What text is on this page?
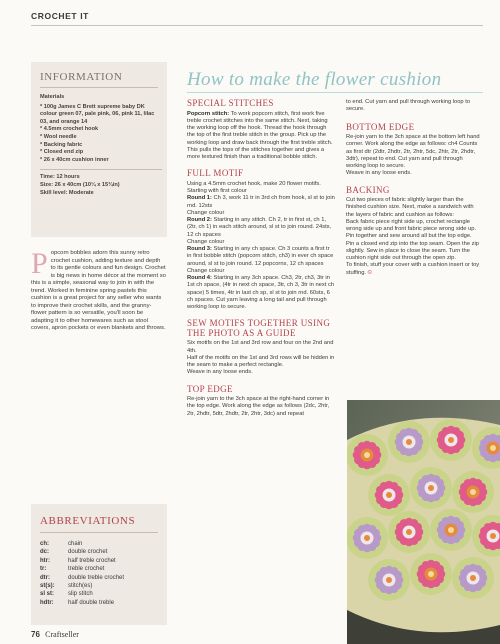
CROCHET IT
How to make the flower cushion

INFORMATION

Materials

* 100g James C Brett supreme baby DK colour green 07, pale pink, 06, pink 11, lilac 03, and orange 14

* 4.5mm crochet hook

* Wool needle

* Backing fabric

* Closed end zip

* 26 x 40cm cushion inner

Time: 12 hours

Size: 26 x 40cm (10¼ x 15¾in)

Skill level: Moderate

P opcorn bobbles adorn this sunny retro crochet cushion, adding texture and depth to its gentle colours and fun design. Crochet is big news in home décor at the moment so this is a simple, seasonal way to join in with the trend. Worked in feminine spring pastels this cushion is a great project for any seller who wants to improve their crochet skills, and the granny-flower pattern is so versatile, you'll soon be adapting it to other homewares such as stool covers, apron pockets or even blankets and throws.

ABBREVIATIONS

ch:	chain
dc:	double crochet
htr:	half treble crochet
tr:	treble crochet
dtr:	double treble crochet
st(s):	stitch(es)
sl st:	slip stitch
hdtr:	half double treble
SPECIAL STITCHES

Popcorn stitch: To work popcorn stitch, first work five treble crochet stitches into the same stitch. Next, taking the working loop off the hook. Thread the hook through the top of the first treble stitch in the group. Pick up the working loop and draw back through the first treble stitch.

This pulls the tops of the stitches together and gives a more textured finish than a traditional bobble stitch.

FULL MOTIF

Using a 4.5mm crochet hook, make 20 flower motifs.

Starting with first colour

Round 1: Ch 3, work 11 tr in 3rd ch from hook, sl st to join rnd. 12sts

Change colour

Round 2: Starting in any stitch. Ch 2, tr in first st, ch 1, (2tr, ch 1) in each stitch around, sl st to join round. 24sts, 12 ch spaces

Change colour

Round 3: Starting in any ch space. Ch 3 counts a first tr in first bobble stitch (popcorn stitch, ch3) in ever ch space around, sl st to join round. 12 popcorns, 12 ch spaces

Change colour

Round 4: Starting in any 3ch space. Ch3, 2tr, ch3, 3tr in 1st ch space, (4tr in next ch space, 3tr, ch 3, 3tr in next ch space) 5 times, 4tr in last ch sp, sl st to join rnd. 60sts, 6 ch spaces. Cut yarn leaving a long tail and pull through working loop to secure.

SEW MOTIFS TOGETHER USING THE PHOTO AS A GUIDE

Six motifs on the 1st and 3rd row and four on the 2nd and 4th.

Half of the motifs on the 1st and 3rd rows will be hidden in the seam to make a perfect rectangle.

Weave in any loose ends.

TOP EDGE

Re-join yarn to the 3ch space at the right-hand corner in the top edge. Work along the edge as follows (2dc, 2htr, 2tr, 2hdtr, 5dtr, 2hdtr, 2tr, 2htr, 3dc) and repeat

to end. Cut yarn and pull through working loop to secure.

BOTTOM EDGE

Re-join yarn to the 3ch space at the bottom left hand corner. Work along the edge as follows: ch4 Counts as first dtr (2dtr, 2hdtr, 2tr, 2htr, 5dc, 2htr, 2tr, 2hdtr, 3dtr), repeat to end. Cut yarn and pull through working loop to secure.

Weave in any loose ends.

BACKING

Cut two pieces of fabric slightly larger than the finished cushion size. Next, make a sandwich with the layers of fabric and cushion as follows:

Back fabric piece right side up, crochet rectangle wrong side up and front fabric piece wrong side up. Pin together and sew around all but the top edge.

Pin a closed end zip into the top seam. Open the zip slightly. Sew in place to close the seam. Turn the cushion right side out through the open zip.

To finish, stuff your cover with a cushion insert or toy stuffing. ©

76 Craftseller
